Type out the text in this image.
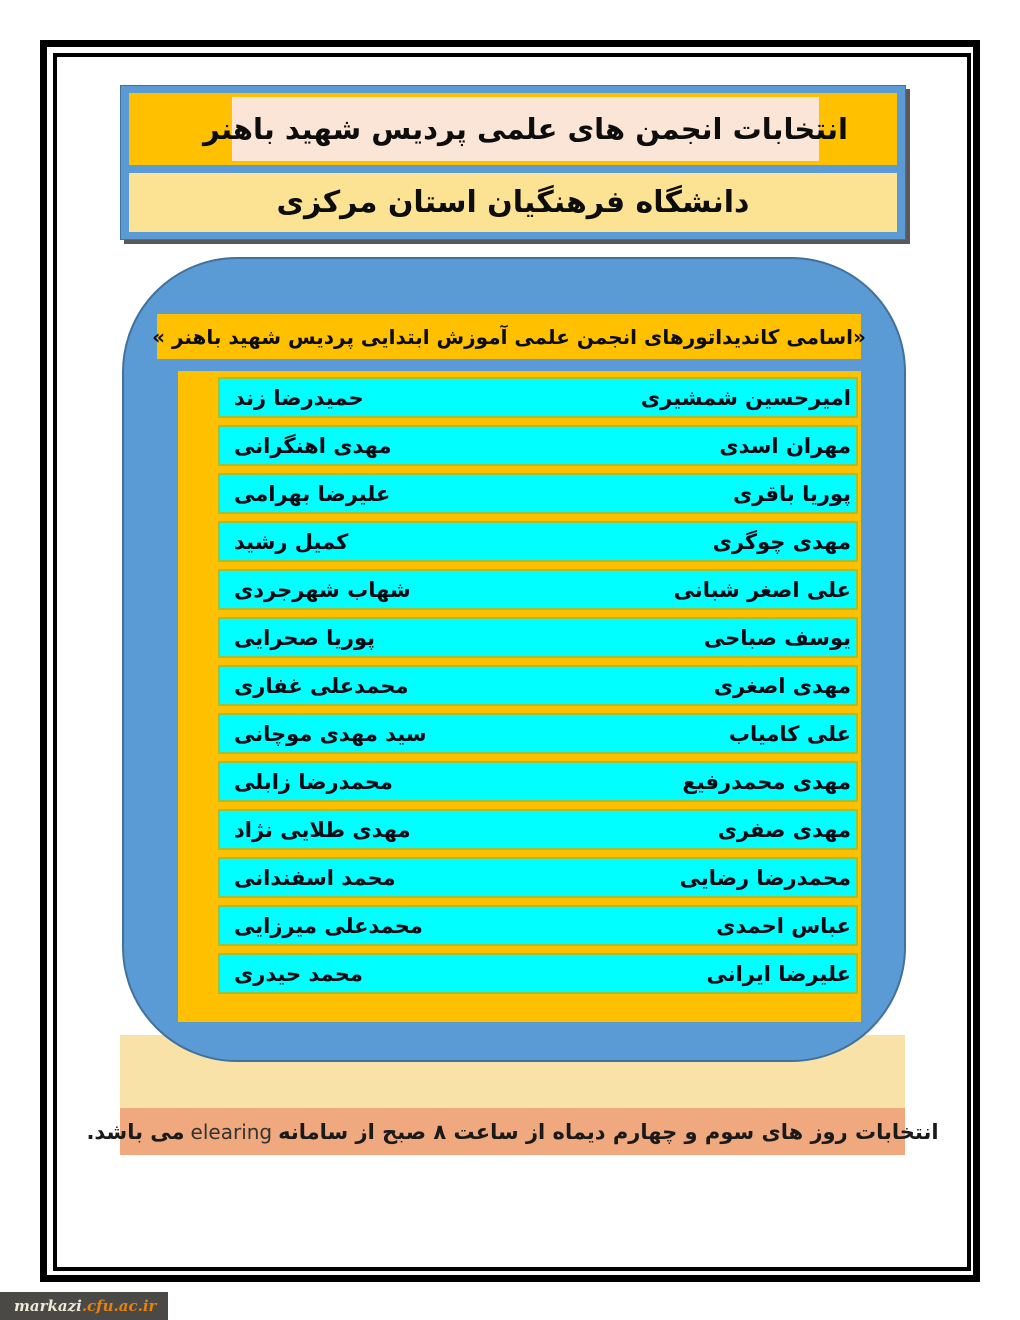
انتخابات انجمن های علمی پردیس شهید باهنر
دانشگاه فرهنگیان استان مرکزی
انتخابات روز های سوم و چهارم دیماه از ساعت ۸ صبح از سامانه
elearing
می باشد.
«اسامی کاندیداتورهای انجمن علمی آموزش ابتدایی پردیس شهید باهنر »
امیرحسین شمشیری
حمیدرضا زند
مهران اسدی
مهدی اهنگرانی
پوریا باقری
علیرضا بهرامی
مهدی چوگری
کمیل رشید
علی اصغر شبانی
شهاب شهرجردی
یوسف صباحی
پوریا صحرایی
مهدی اصغری
محمدعلی غفاری
علی کامیاب
سید مهدی موچانی
مهدی محمدرفیع
محمدرضا زابلی
مهدی صفری
مهدی طلایی نژاد
محمدرضا رضایی
محمد اسفندانی
عباس احمدی
محمدعلی میرزایی
علیرضا ایرانی
محمد حیدری
markazi .cfu.ac.ir
